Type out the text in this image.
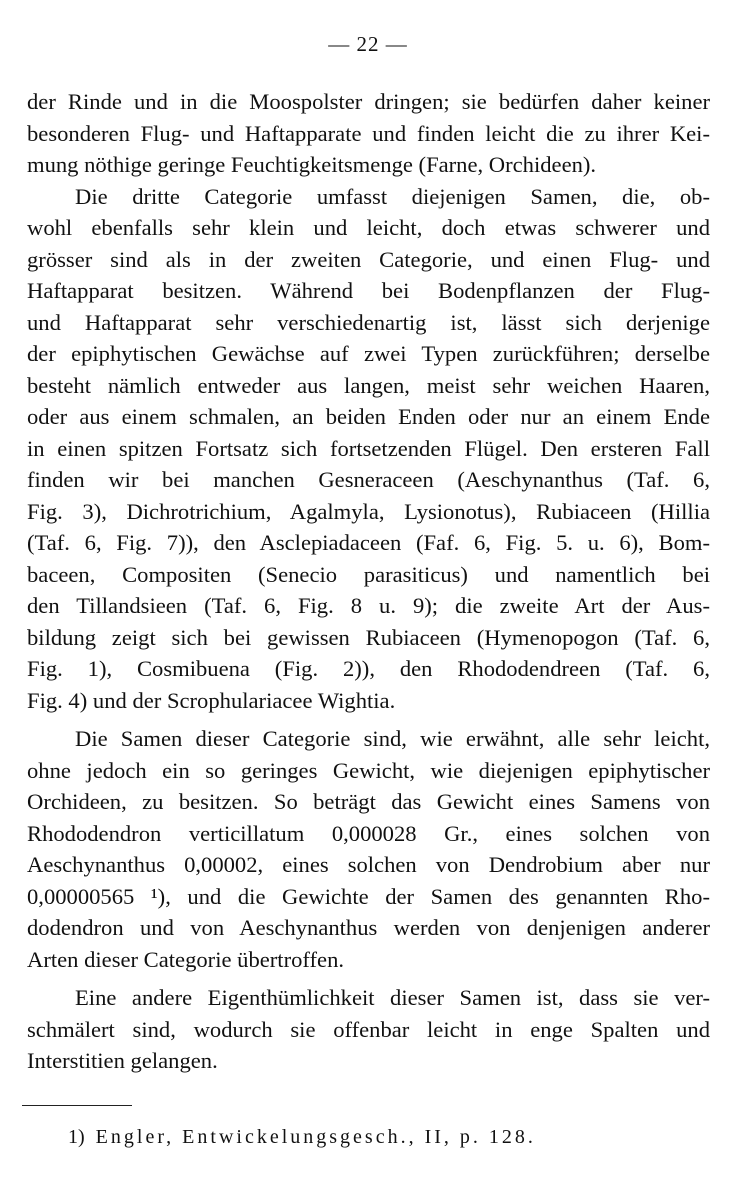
— 22 —
der Rinde und in die Moospolster dringen; sie bedürfen daher keiner
besonderen Flug- und Haftapparate und finden leicht die zu ihrer Kei-
mung nöthige geringe Feuchtigkeitsmenge (Farne, Orchideen).
Die dritte Categorie umfasst diejenigen Samen, die, ob-
wohl ebenfalls sehr klein und leicht, doch etwas schwerer und
grösser sind als in der zweiten Categorie, und einen Flug- und
Haftapparat besitzen. Während bei Bodenpflanzen der Flug-
und Haftapparat sehr verschiedenartig ist, lässt sich derjenige
der epiphytischen Gewächse auf zwei Typen zurückführen; derselbe
besteht nämlich entweder aus langen, meist sehr weichen Haaren,
oder aus einem schmalen, an beiden Enden oder nur an einem Ende
in einen spitzen Fortsatz sich fortsetzenden Flügel. Den ersteren Fall
finden wir bei manchen Gesneraceen (Aeschynanthus (Taf. 6,
Fig. 3), Dichrotrichium, Agalmyla, Lysionotus), Rubiaceen (Hillia
(Taf. 6, Fig. 7)), den Asclepiadaceen (Faf. 6, Fig. 5. u. 6), Bom-
baceen, Compositen (Senecio parasiticus) und namentlich bei
den Tillandsieen (Taf. 6, Fig. 8 u. 9); die zweite Art der Aus-
bildung zeigt sich bei gewissen Rubiaceen (Hymenopogon (Taf. 6,
Fig. 1), Cosmibuena (Fig. 2)), den Rhododendreen (Taf. 6,
Fig. 4) und der Scrophulariacee Wightia.
Die Samen dieser Categorie sind, wie erwähnt, alle sehr leicht,
ohne jedoch ein so geringes Gewicht, wie diejenigen epiphytischer
Orchideen, zu besitzen. So beträgt das Gewicht eines Samens von
Rhododendron verticillatum 0,000028 Gr., eines solchen von
Aeschynanthus 0,00002, eines solchen von Dendrobium aber nur
0,00000565 ¹), und die Gewichte der Samen des genannten Rho-
dodendron und von Aeschynanthus werden von denjenigen anderer
Arten dieser Categorie übertroffen.
Eine andere Eigenthümlichkeit dieser Samen ist, dass sie ver-
schmälert sind, wodurch sie offenbar leicht in enge Spalten und
Interstitien gelangen.
1) Engler, Entwickelungsgesch., II, p. 128.
